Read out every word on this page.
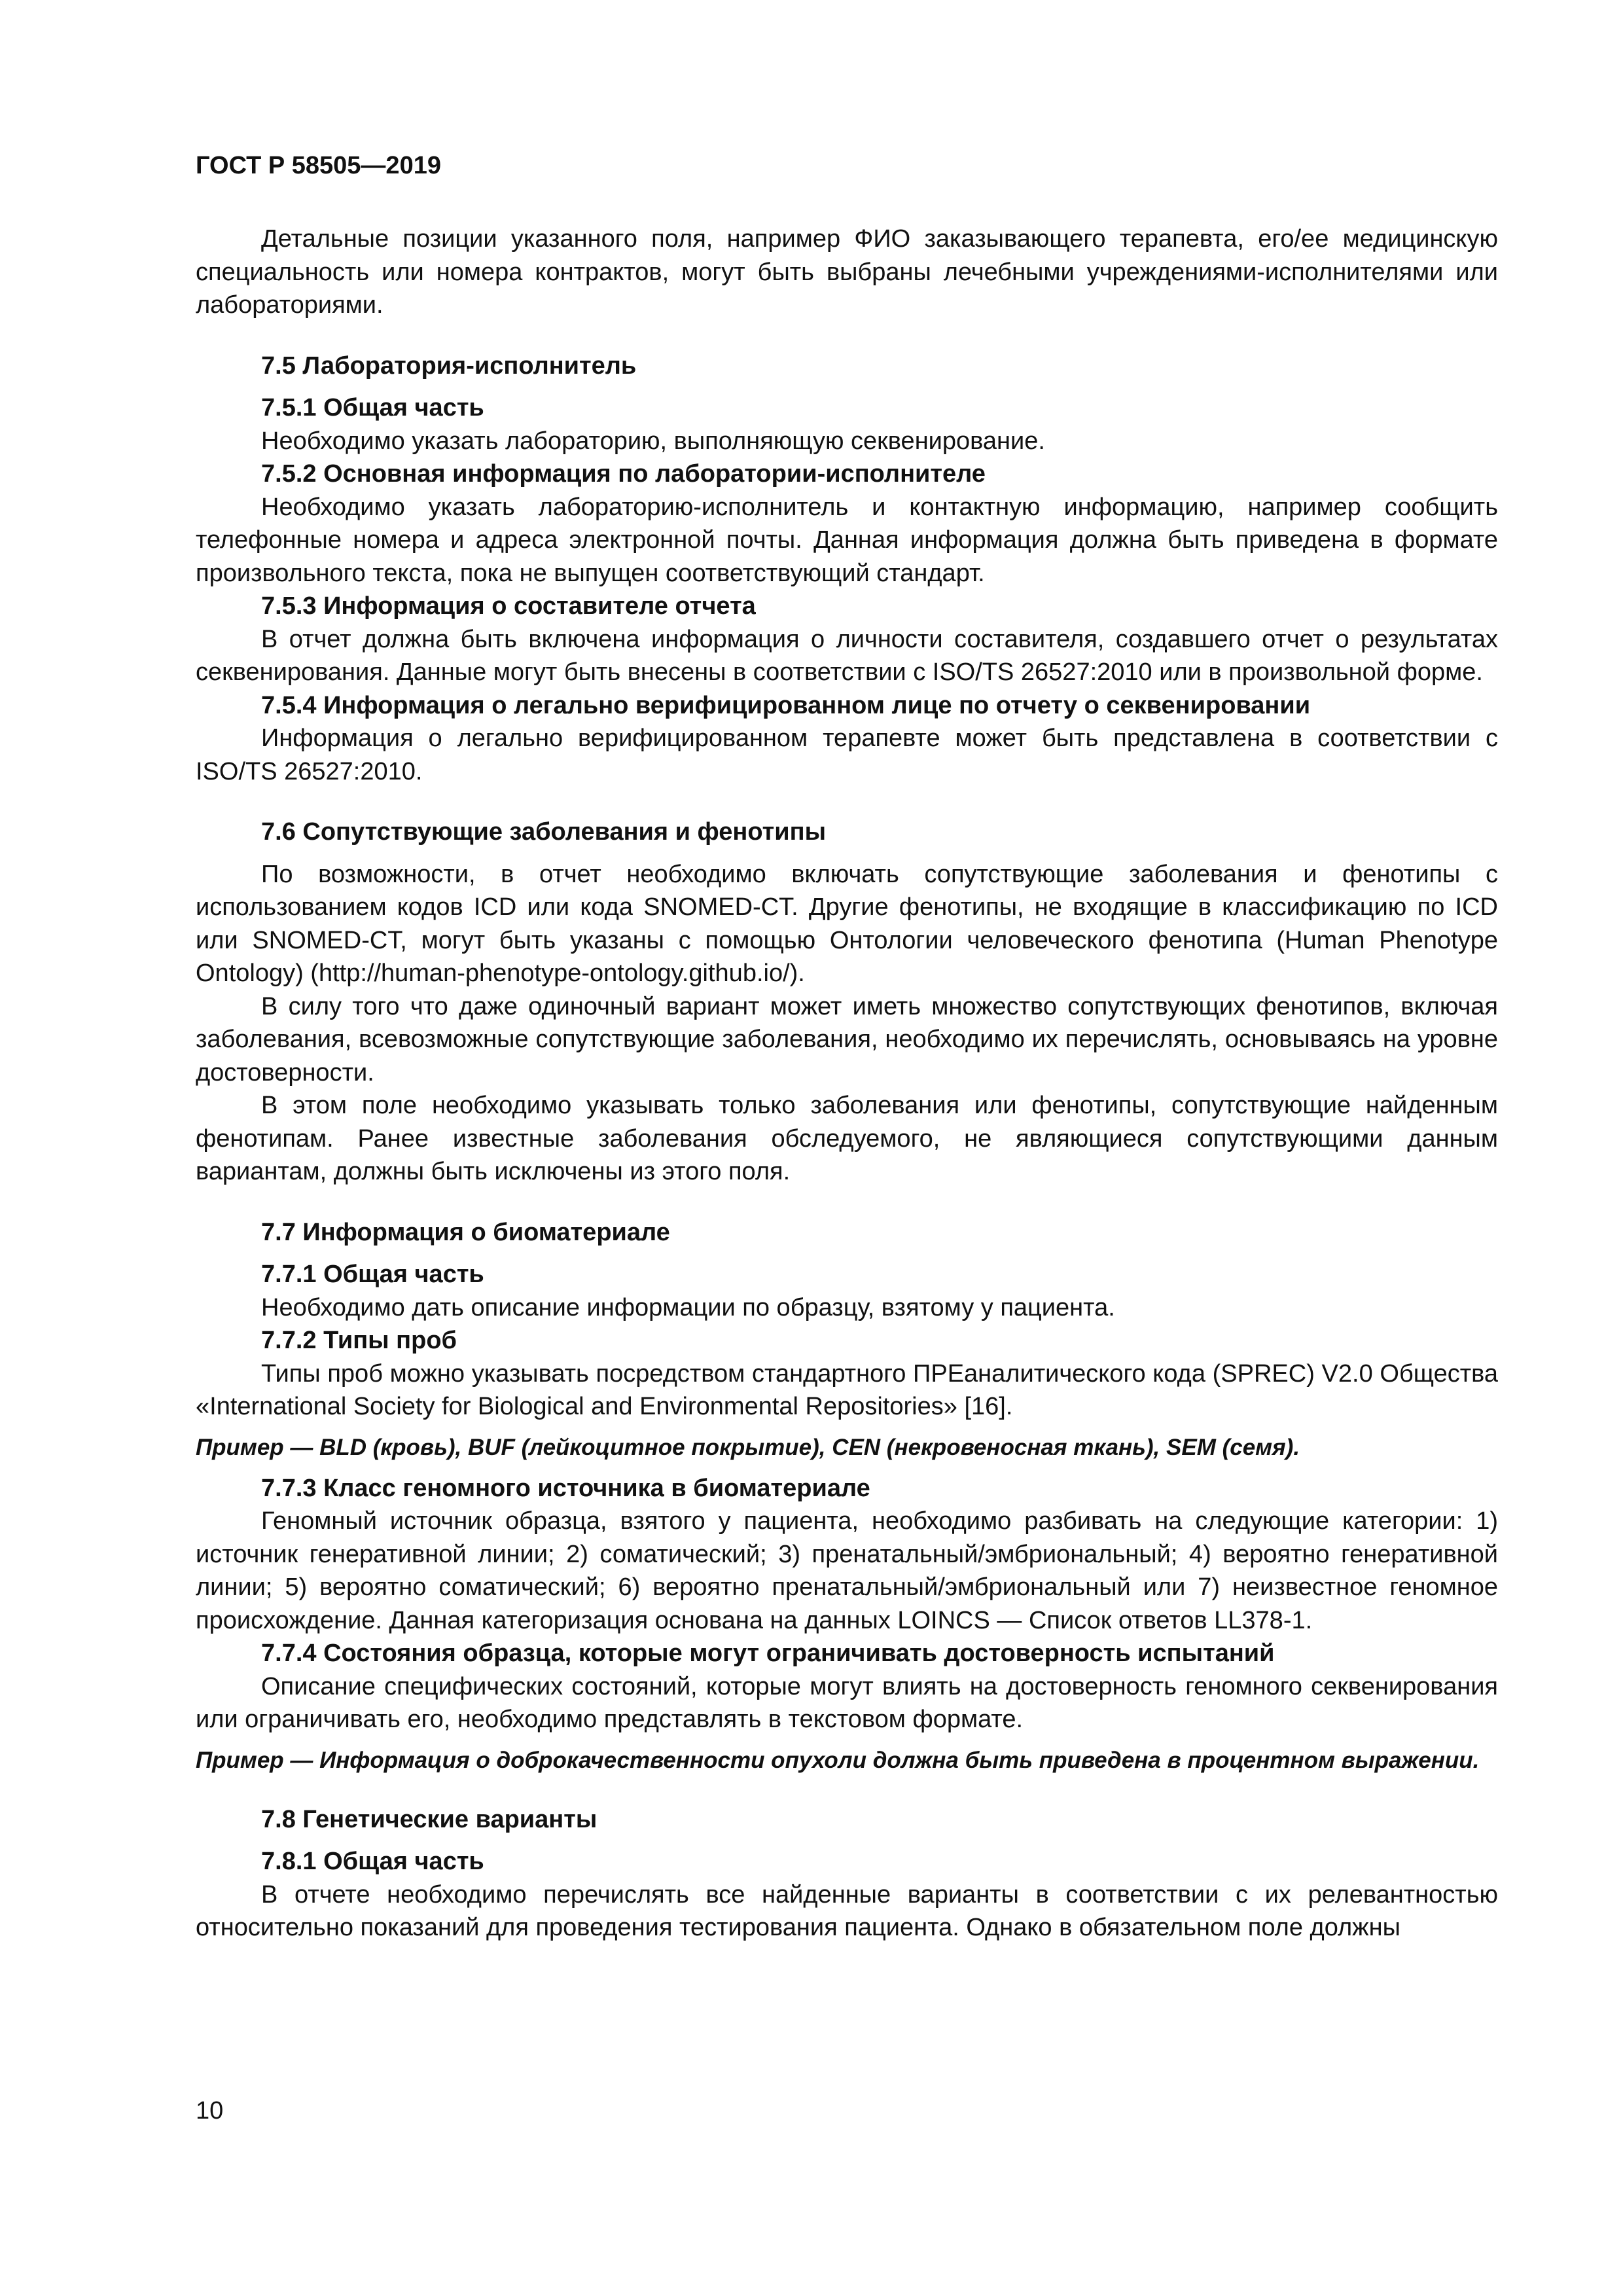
ГОСТ Р 58505—2019

Детальные позиции указанного поля, например ФИО заказывающего терапевта, его/ее медицинскую специальность или номера контрактов, могут быть выбраны лечебными учреждениями-исполнителями или лабораториями.

7.5 Лаборатория-исполнитель
7.5.1 Общая часть

Необходимо указать лабораторию, выполняющую секвенирование.

7.5.2 Основная информация по лаборатории-исполнителе

Необходимо указать лабораторию-исполнитель и контактную информацию, например сообщить телефонные номера и адреса электронной почты. Данная информация должна быть приведена в формате произвольного текста, пока не выпущен соответствующий стандарт.

7.5.3 Информация о составителе отчета

В отчет должна быть включена информация о личности составителя, создавшего отчет о результатах секвенирования. Данные могут быть внесены в соответствии с ISO/TS 26527:2010 или в произвольной форме.

7.5.4 Информация о легально верифицированном лице по отчету о секвенировании

Информация о легально верифицированном терапевте может быть представлена в соответствии с ISO/TS 26527:2010.

7.6 Сопутствующие заболевания и фенотипы

По возможности, в отчет необходимо включать сопутствующие заболевания и фенотипы с использованием кодов ICD или кода SNOMED-CT. Другие фенотипы, не входящие в классификацию по ICD или SNOMED-CT, могут быть указаны с помощью Онтологии человеческого фенотипа (Human Phenotype Ontology) (http://human-phenotype-ontology.github.io/).

В силу того что даже одиночный вариант может иметь множество сопутствующих фенотипов, включая заболевания, всевозможные сопутствующие заболевания, необходимо их перечислять, основываясь на уровне достоверности.

В этом поле необходимо указывать только заболевания или фенотипы, сопутствующие найденным фенотипам. Ранее известные заболевания обследуемого, не являющиеся сопутствующими данным вариантам, должны быть исключены из этого поля.

7.7 Информация о биоматериале
7.7.1 Общая часть

Необходимо дать описание информации по образцу, взятому у пациента.

7.7.2 Типы проб

Типы проб можно указывать посредством стандартного ПРЕаналитического кода (SPREC) V2.0 Общества «International Society for Biological and Environmental Repositories» [16].

Пример — BLD (кровь), BUF (лейкоцитное покрытие), CEN (некровеносная ткань), SEM (семя).

7.7.3 Класс геномного источника в биоматериале

Геномный источник образца, взятого у пациента, необходимо разбивать на следующие категории: 1) источник генеративной линии; 2) соматический; 3) пренатальный/эмбриональный; 4) вероятно генеративной линии; 5) вероятно соматический; 6) вероятно пренатальный/эмбриональный или 7) неизвестное геномное происхождение. Данная категоризация основана на данных LOINCS — Список ответов LL378-1.

7.7.4 Состояния образца, которые могут ограничивать достоверность испытаний

Описание специфических состояний, которые могут влиять на достоверность геномного секвенирования или ограничивать его, необходимо представлять в текстовом формате.

Пример — Информация о доброкачественности опухоли должна быть приведена в процентном выражении.

7.8 Генетические варианты
7.8.1 Общая часть

В отчете необходимо перечислять все найденные варианты в соответствии с их релевантностью относительно показаний для проведения тестирования пациента. Однако в обязательном поле должны

10
